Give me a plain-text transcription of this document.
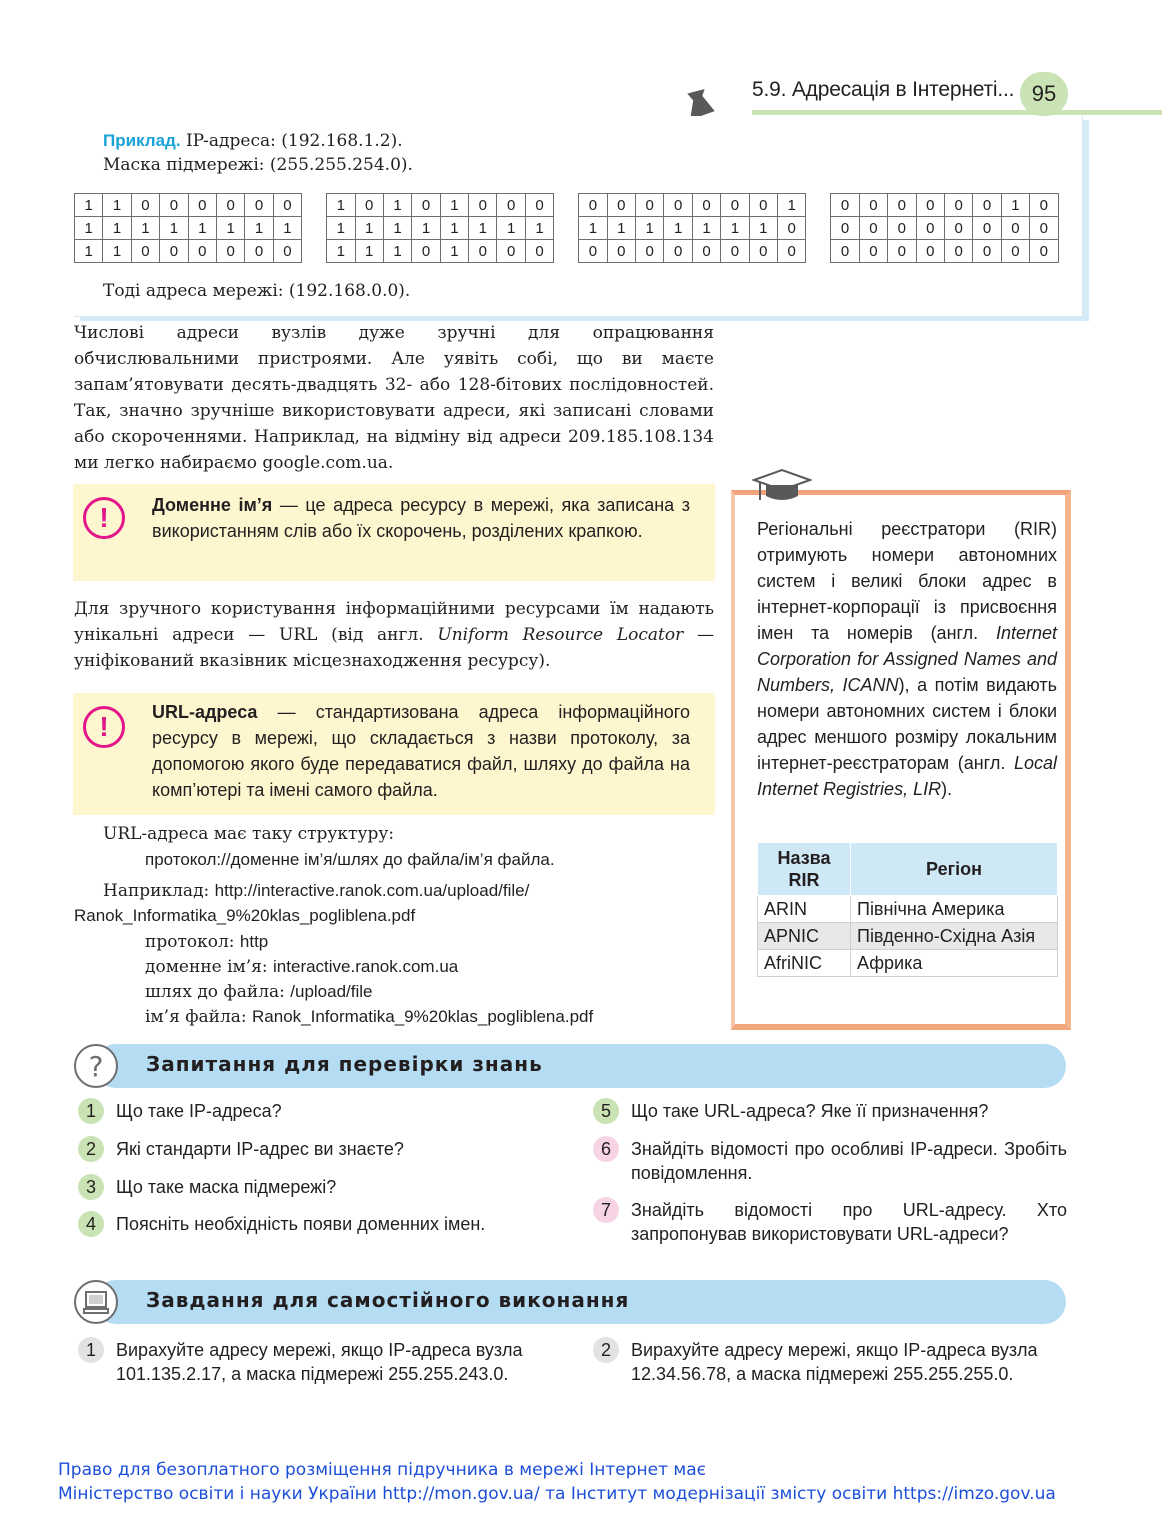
5.9. Адресація в Інтернеті... 95
Приклад. IP-адреса: (192.168.1.2).
Маска підмережі: (255.255.254.0).
1	1	0	0	0	0	0	0		1	0	1	0	1	0	0	0		0	0	0	0	0	0	0	1		0	0	0	0	0	0	1	0
1	1	1	1	1	1	1	1		1	1	1	1	1	1	1	1		1	1	1	1	1	1	1	0		0	0	0	0	0	0	0	0
1	1	0	0	0	0	0	0		1	1	1	0	1	0	0	0		0	0	0	0	0	0	0	0		0	0	0	0	0	0	0	0
Тоді адреса мережі: (192.168.0.0).
Числові адреси вузлів дуже зручні для опрацювання обчислювальними пристроями. Але уявіть собі, що ви маєте запам’ятовувати десять-двадцять 32- або 128-бітових послідовностей. Так, значно зручніше використовувати адреси, які записані словами або скороченнями. Наприклад, на відміну від адреси 209.185.108.134 ми легко набираємо google.com.ua.
!	Доменне ім’я — це адреса ресурсу в мережі, яка записана з використанням слів або їх скорочень, розділених крапкою.
Для зручного користування інформаційними ресурсами їм надають унікальні адреси — URL (від англ. Uniform Resource Locator — уніфікований вказівник місцезнаходження ресурсу).
!	URL-адреса — стандартизована адреса інформаційного ресурсу в мережі, що складається з назви протоколу, за допомогою якого буде передаватися файл, шляху до файла на комп’ютері та імені самого файла.
URL-адреса має таку структуру:
протокол://доменне ім’я/шлях до файла/ім’я файла.
Наприклад: http://interactive.ranok.com.ua/upload/file/
Ranok_Informatika_9%20klas_pogliblena.pdf
протокол: http
доменне ім’я: interactive.ranok.com.ua
шлях до файла: /upload/file
ім’я файла: Ranok_Informatika_9%20klas_pogliblena.pdf
Регіональні реєстратори (RIR) отримують номери автономних систем і великі блоки адрес в інтернет-корпорації із присвоєння імен та номерів (англ. Internet Corporation for Assigned Names and Numbers, ICANN), а потім видають номери автономних систем і блоки адрес меншого розміру локальним інтернет-реєстраторам (англ. Local Internet Registries, LIR).
Назва RIR	Регіон
ARIN	Північна Америка
APNIC	Південно-Східна Азія
AfriNIC	Африка
? Запитання для перевірки знань
1	Що таке IP-адреса?
2	Які стандарти IP-адрес ви знаєте?
3	Що таке маска підмережі?
4	Поясніть необхідність появи доменних імен.
5	Що таке URL-адреса? Яке її призначення?
6	Знайдіть відомості про особливі IP-адреси. Зробіть повідомлення.
7	Знайдіть відомості про URL-адресу. Хто запропонував використовувати URL-адреси?
Завдання для самостійного виконання
1	Вирахуйте адресу мережі, якщо IP-адреса вузла 101.135.2.17, а маска підмережі 255.255.243.0.
2	Вирахуйте адресу мережі, якщо IP-адреса вузла 12.34.56.78, а маска підмережі 255.255.255.0.
Право для безоплатного розміщення підручника в мережі Інтернет має
Міністерство освіти і науки України http://mon.gov.ua/ та Інститут модернізації змісту освіти https://imzo.gov.ua
